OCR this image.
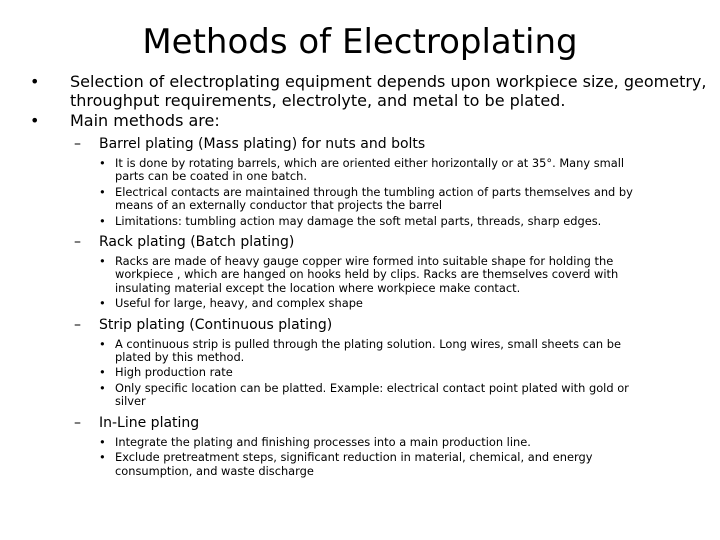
Methods of Electroplating
• Selection of electroplating equipment depends upon workpiece size, geometry, throughput requirements, electrolyte, and metal to be plated.
• Main methods are:
– Barrel plating (Mass plating) for nuts and bolts
• It is done by rotating barrels, which are oriented either horizontally or at 35°. Many small parts can be coated in one batch.
• Electrical contacts are maintained through the tumbling action of parts themselves and by means of an externally conductor that projects the barrel
• Limitations: tumbling action may damage the soft metal parts, threads, sharp edges.
– Rack plating (Batch plating)
• Racks are made of heavy gauge copper wire formed into suitable shape for holding the workpiece , which are hanged on hooks held by clips. Racks are themselves coverd with insulating material except the location where workpiece make contact.
• Useful for large, heavy, and complex shape
– Strip plating (Continuous plating)
• A continuous strip is pulled through the plating solution. Long wires, small sheets can be plated by this method.
• High production rate
• Only specific location can be platted. Example: electrical contact point plated with gold or silver
– In-Line plating
• Integrate the plating and finishing processes into a main production line.
• Exclude pretreatment steps, significant reduction in material, chemical, and energy consumption, and waste discharge
